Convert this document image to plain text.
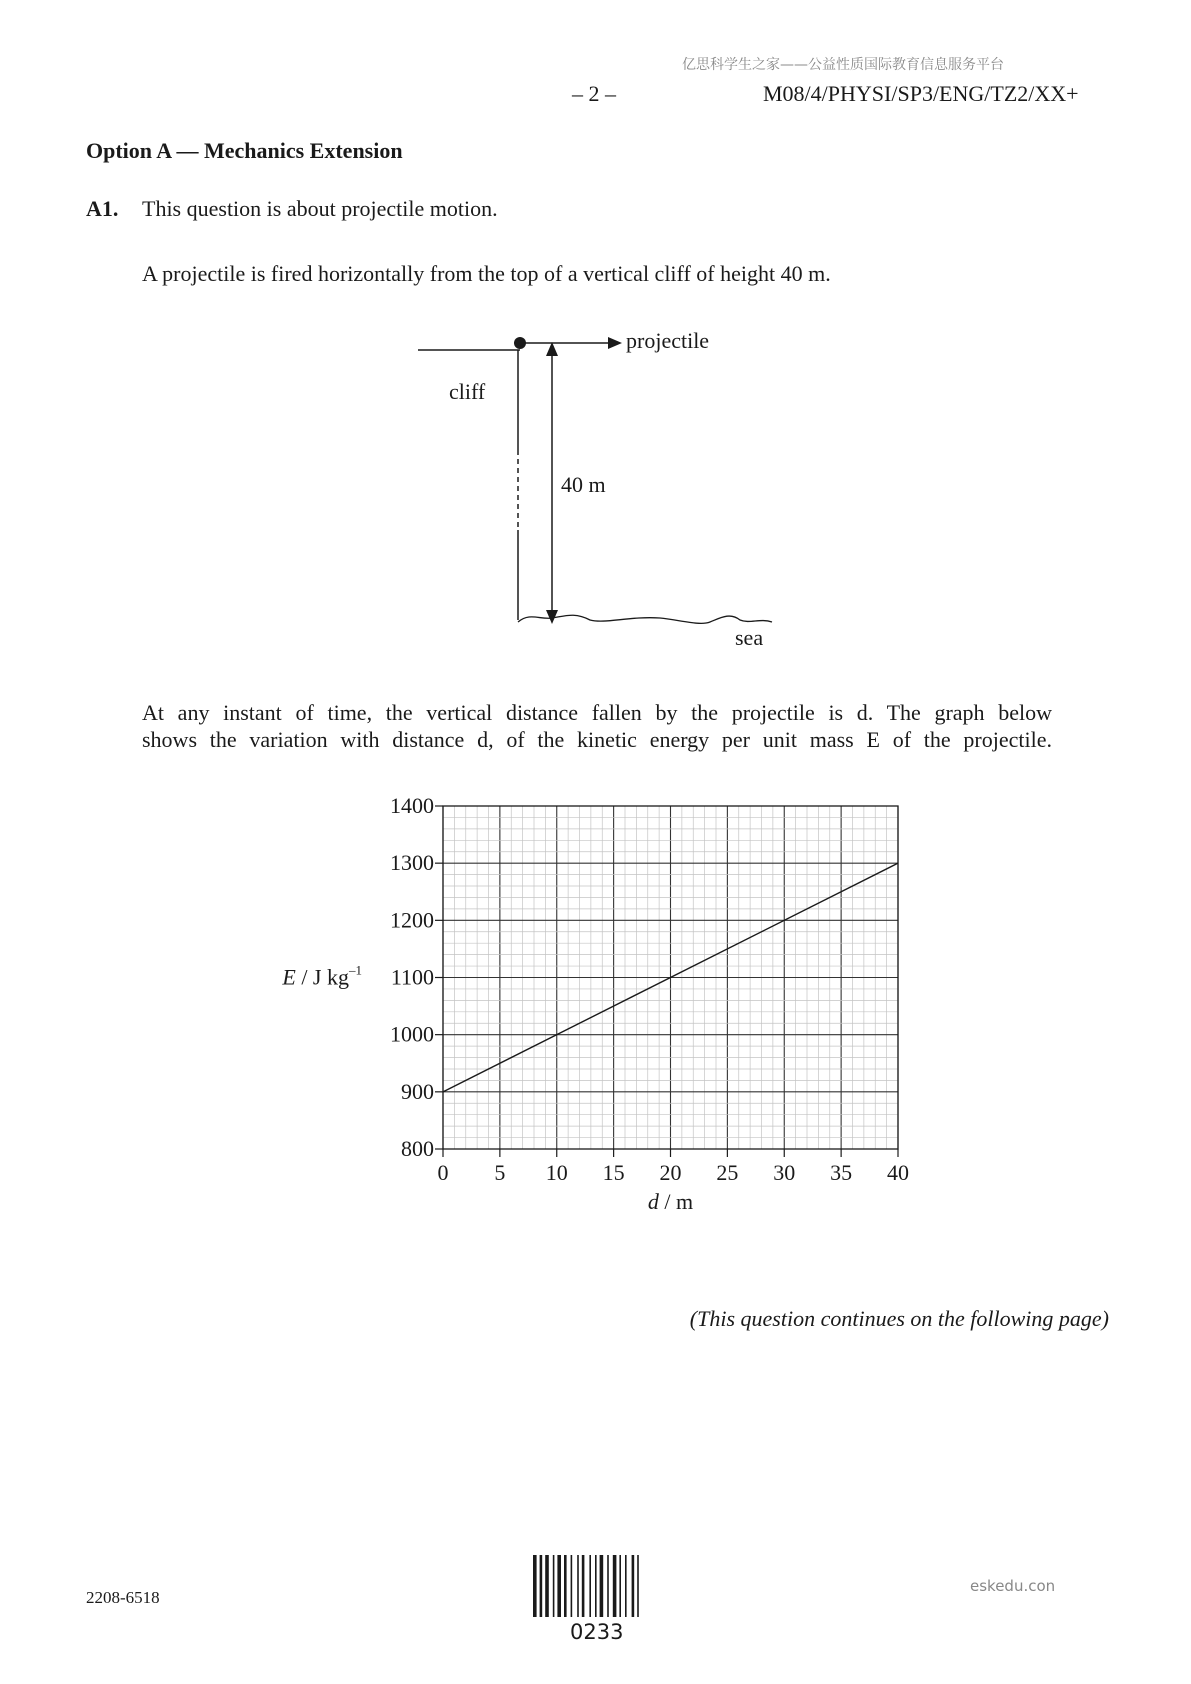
亿思科学生之家——公益性质国际教育信息服务平台
– 2 –	M08/4/PHYSI/SP3/ENG/TZ2/XX+
Option A — Mechanics Extension
A1. This question is about projectile motion.
A projectile is fired horizontally from the top of a vertical cliff of height 40 m.
projectile
cliff
40 m
sea
At any instant of time, the vertical distance fallen by the projectile is d. The graph below
shows the variation with distance d, of the kinetic energy per unit mass E of the projectile.
800
900
1000
1100
1200
1300
1400
0 5 10 15 20 25 30 35 40
d / m
E / J $kg^{-1}$
(This question continues on the following page)
2208-6518
0233
eskedu.con
